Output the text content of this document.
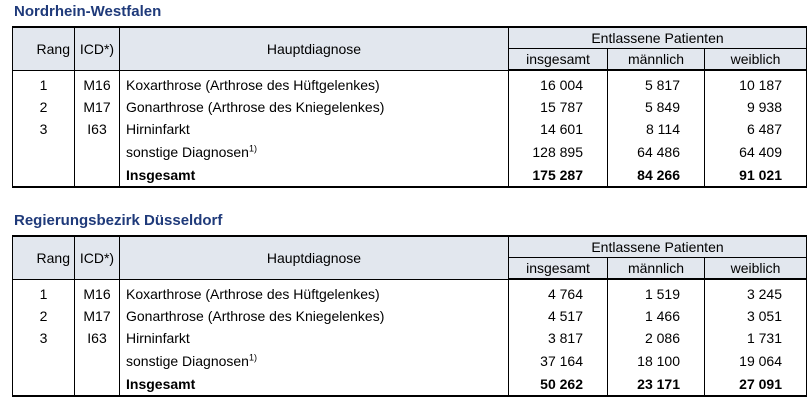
Nordrhein-Westfalen
Rang	ICD*)	Hauptdiagnose	Entlassene Patienten		
			insgesamt	männlich	weiblich
1	M16	Koxarthrose (Arthrose des Hüftgelenkes)	16 004	5 817	10 187
2	M17	Gonarthrose (Arthrose des Kniegelenkes)	15 787	5 849	9 938
3	I63	Hirninfarkt	14 601	8 114	6 487
		sonstige Diagnosen$^{1)}$	128 895	64 486	64 409
		Insgesamt	175 287	84 266	91 021
Regierungsbezirk Düsseldorf
Rang	ICD*)	Hauptdiagnose	Entlassene Patienten		
			insgesamt	männlich	weiblich
1	M16	Koxarthrose (Arthrose des Hüftgelenkes)	4 764	1 519	3 245
2	M17	Gonarthrose (Arthrose des Kniegelenkes)	4 517	1 466	3 051
3	I63	Hirninfarkt	3 817	2 086	1 731
		sonstige Diagnosen$^{1)}$	37 164	18 100	19 064
		Insgesamt	50 262	23 171	27 091
